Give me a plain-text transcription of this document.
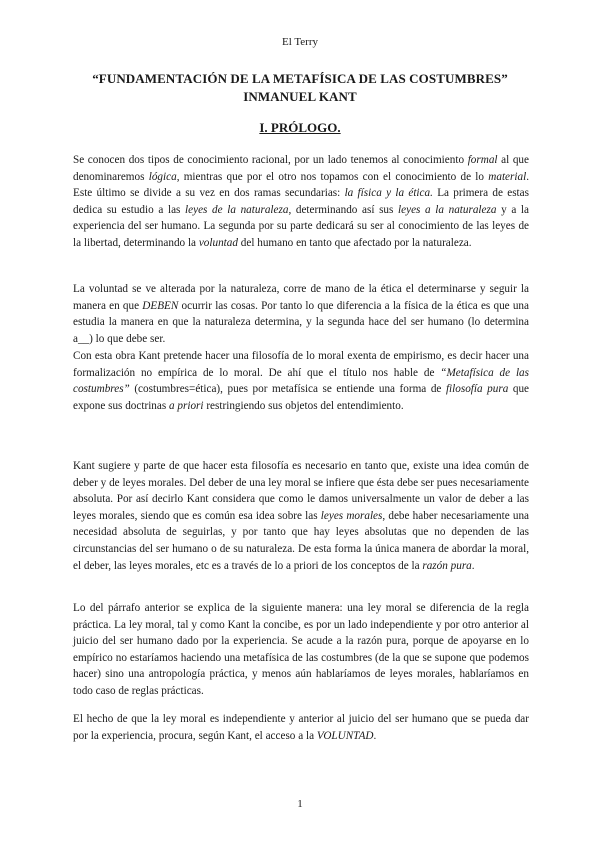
El Terry
“FUNDAMENTACIÓN DE LA METAFÍSICA DE LAS COSTUMBRES”
INMANUEL KANT
I. PRÓLOGO.

Se conocen dos tipos de conocimiento racional, por un lado tenemos al conocimiento formal al que denominaremos lógica, mientras que por el otro nos topamos con el conocimiento de lo material. Este último se divide a su vez en dos ramas secundarias: la física y la ética. La primera de estas dedica su estudio a las leyes de la naturaleza, determinando así sus leyes a la naturaleza y a la experiencia del ser humano. La segunda por su parte dedicará su ser al conocimiento de las leyes de la libertad, determinando la voluntad del humano en tanto que afectado por la naturaleza.

La voluntad se ve alterada por la naturaleza, corre de mano de la ética el determinarse y seguir la manera en que DEBEN ocurrir las cosas. Por tanto lo que diferencia a la física de la ética es que una estudia la manera en que la naturaleza determina, y la segunda hace del ser humano (lo determina a__) lo que debe ser.

Con esta obra Kant pretende hacer una filosofía de lo moral exenta de empirismo, es decir hacer una formalización no empírica de lo moral. De ahí que el título nos hable de “Metafísica de las costumbres” (costumbres=ética), pues por metafísica se entiende una forma de filosofía pura que expone sus doctrinas a priori restringiendo sus objetos del entendimiento.

Kant sugiere y parte de que hacer esta filosofía es necesario en tanto que, existe una idea común de deber y de leyes morales. Del deber de una ley moral se infiere que ésta debe ser pues necesariamente absoluta. Por así decirlo Kant considera que como le damos universalmente un valor de deber a las leyes morales, siendo que es común esa idea sobre las leyes morales, debe haber necesariamente una necesidad absoluta de seguirlas, y por tanto que hay leyes absolutas que no dependen de las circunstancias del ser humano o de su naturaleza. De esta forma la única manera de abordar la moral, el deber, las leyes morales, etc es a través de lo a priori de los conceptos de la razón pura.

Lo del párrafo anterior se explica de la siguiente manera: una ley moral se diferencia de la regla práctica. La ley moral, tal y como Kant la concibe, es por un lado independiente y por otro anterior al juicio del ser humano dado por la experiencia. Se acude a la razón pura, porque de apoyarse en lo empírico no estaríamos haciendo una metafísica de las costumbres (de la que se supone que podemos hacer) sino una antropología práctica, y menos aún hablaríamos de leyes morales, hablaríamos en todo caso de reglas prácticas.

El hecho de que la ley moral es independiente y anterior al juicio del ser humano que se pueda dar por la experiencia, procura, según Kant, el acceso a la VOLUNTAD.

1
